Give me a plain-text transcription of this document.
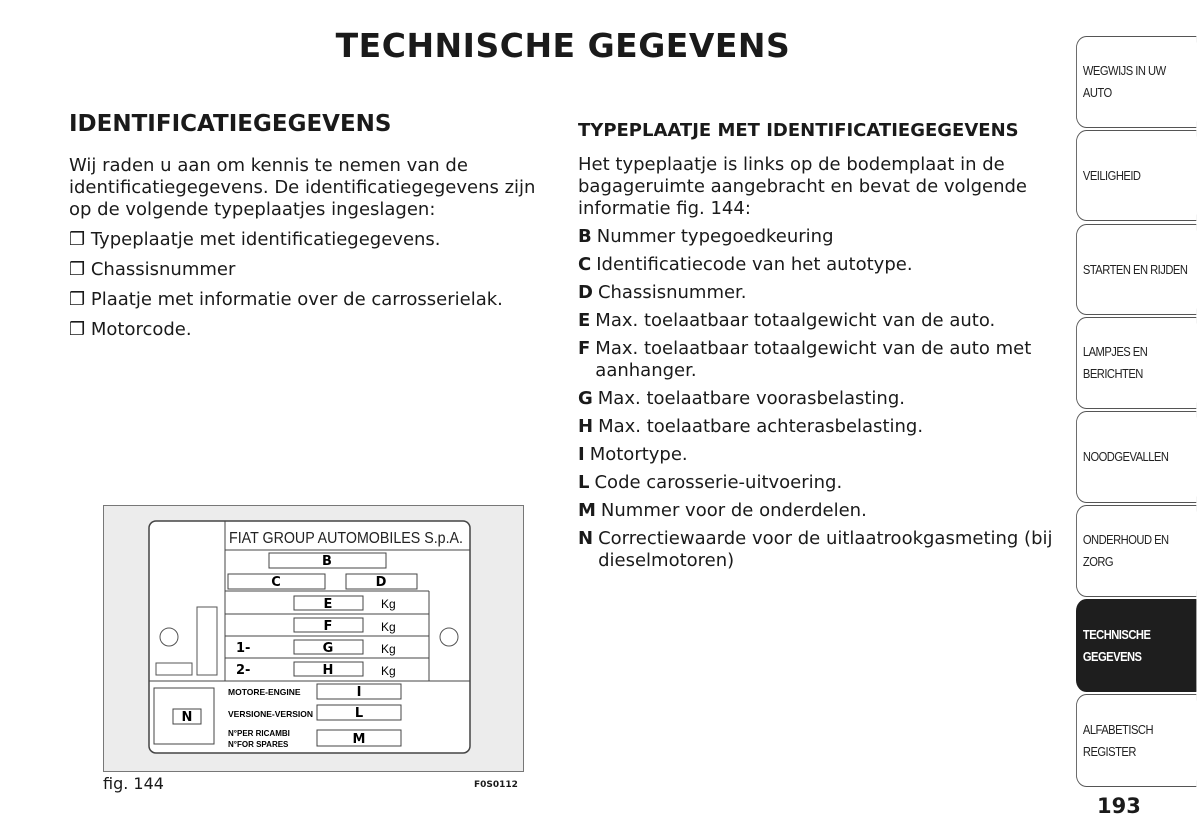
TECHNISCHE GEGEVENS
IDENTIFICATIEGEGEVENS

Wij raden u aan om kennis te nemen van de identificatiegegevens. De identificatiegegevens zijn op de volgende typeplaatjes ingeslagen:

❒ Typeplaatje met identificatiegegevens.
❒ Chassisnummer
❒ Plaatje met informatie over de carrosserielak.
❒ Motorcode.
TYPEPLAATJE MET IDENTIFICATIEGEGEVENS

Het typeplaatje is links op de bodemplaat in de bagageruimte aangebracht en bevat de volgende informatie fig. 144:

B Nummer typegoedkeuring
C Identificatiecode van het autotype.
D Chassisnummer.
E Max. toelaatbaar totaalgewicht van de auto.
F Max. toelaatbaar totaalgewicht van de auto met aanhanger.
G Max. toelaatbare voorasbelasting.
H Max. toelaatbare achterasbelasting.
I Motortype.
L Code carosserie-uitvoering.
M Nummer voor de onderdelen.
N Correctiewaarde voor de uitlaatrookgasmeting (bij dieselmotoren)
FIAT GROUP AUTOMOBILES S.p.A.
B
C	D
E	Kg
F	Kg
1-	G	Kg
2-	H	Kg
N
MOTORE-ENGINE	I
VERSIONE-VERSION	L
N°PER RICAMBI
N°FOR SPARES	M
fig. 144	F0S0112
WEGWIJS IN UW
AUTO
VEILIGHEID
STARTEN EN RIJDEN
LAMPJES EN
BERICHTEN
NOODGEVALLEN
ONDERHOUD EN
ZORG
TECHNISCHE
GEGEVENS
ALFABETISCH
REGISTER
193
